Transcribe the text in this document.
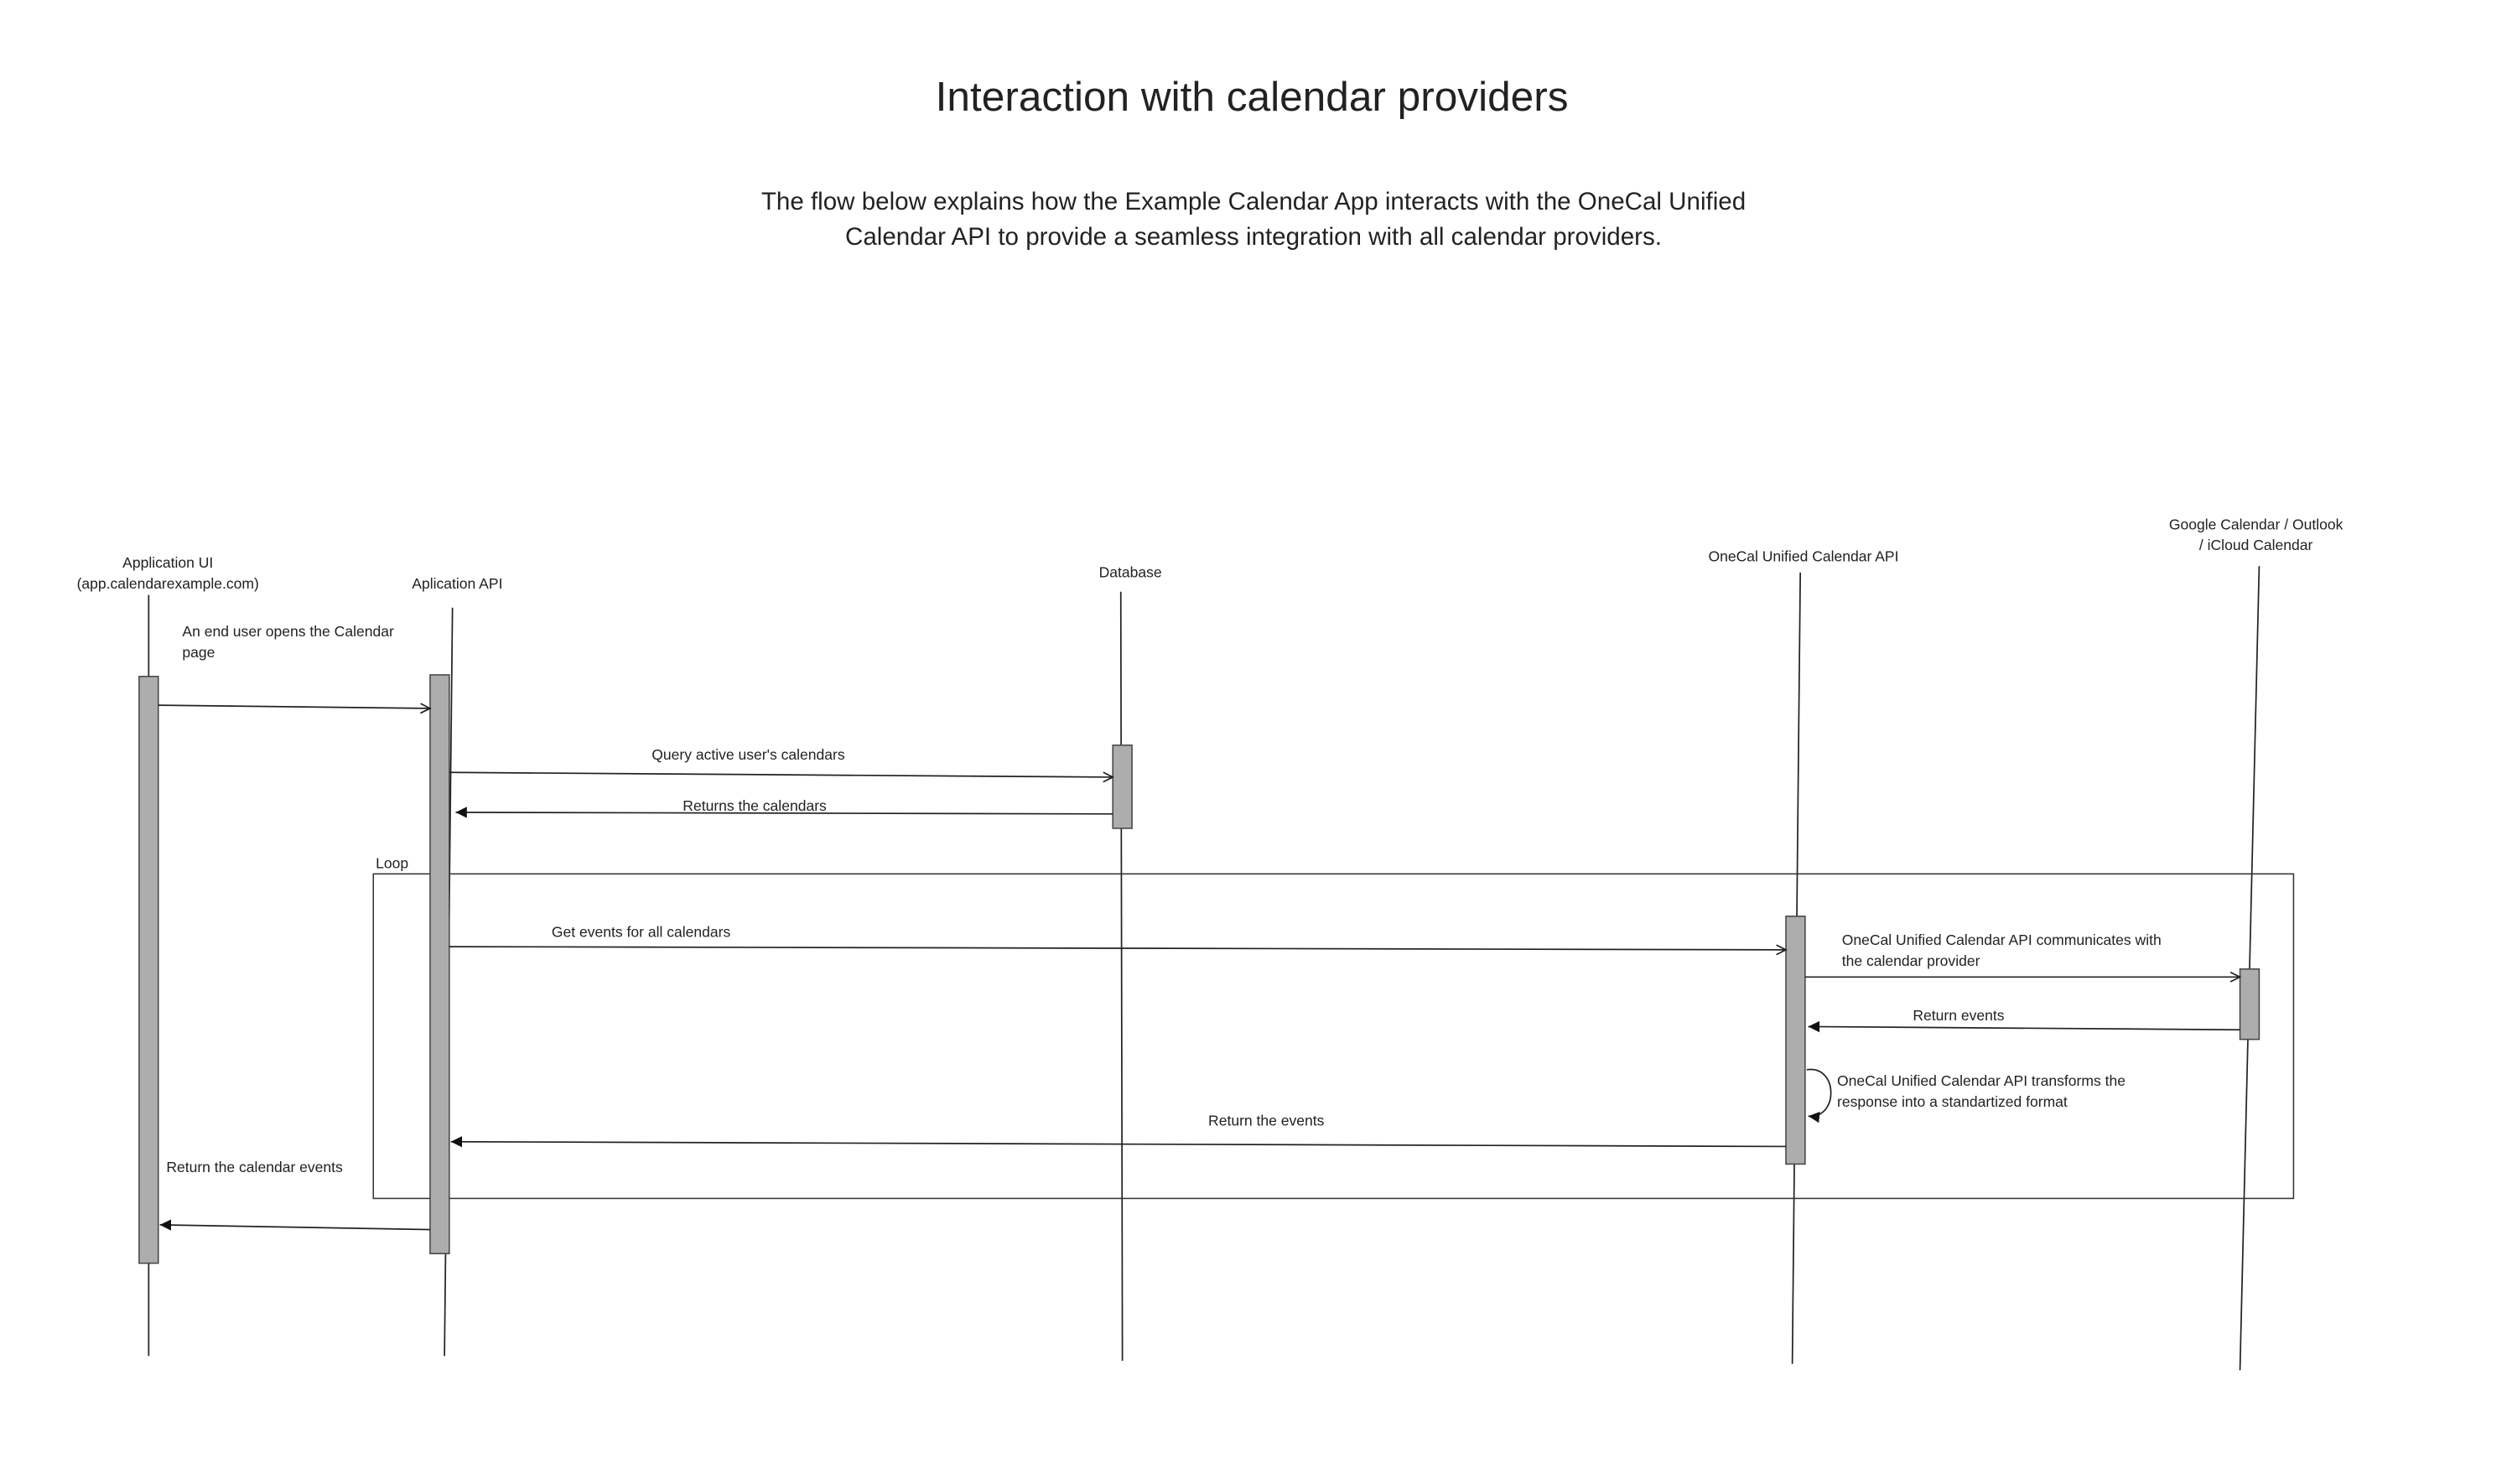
Interaction with calendar providers
The flow below explains how the Example Calendar App interacts with the OneCal Unified
Calendar API to provide a seamless integration with all calendar providers.
Application UI
(app.calendarexample.com)	Aplication API
Database
OneCal Unified Calendar API
Google Calendar / Outlook
/ iCloud Calendar
Loop
An end user opens the Calendar
page
Query active user's calendars
Returns the calendars
Get events for all calendars	OneCal Unified Calendar API communicates with
the calendar provider
Return events
OneCal Unified Calendar API transforms the
response into a standartized format
Return the events
Return the calendar events
